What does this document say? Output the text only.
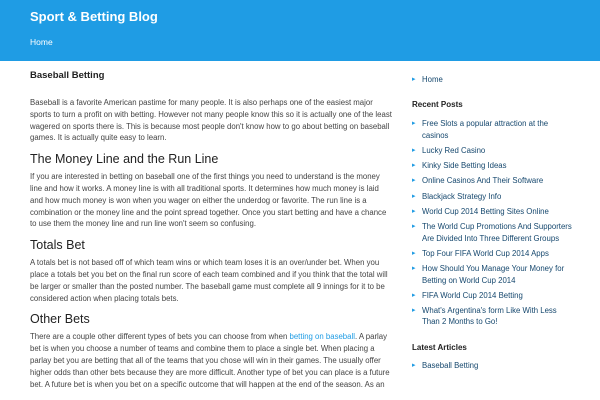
Sport & Betting Blog
Home
Baseball Betting

Baseball is a favorite American pastime for many people. It is also perhaps one of the easiest major sports to turn a profit on with betting. However not many people know this so it is actually one of the least wagered on sports there is. This is because most people don't know how to go about betting on baseball games. It is actually quite easy to learn.

The Money Line and the Run Line

If you are interested in betting on baseball one of the first things you need to understand is the money line and how it works. A money line is with all traditional sports. It determines how much money is laid and how much money is won when you wager on either the underdog or favorite. The run line is a combination or the money line and the point spread together. Once you start betting and have a chance to use them the money line and run line won't seem so confusing.

Totals Bet

A totals bet is not based off of which team wins or which team loses it is an over/under bet. When you place a totals bet you bet on the final run score of each team combined and if you think that the total will be larger or smaller than the posted number. The baseball game must complete all 9 innings for it to be considered action when placing totals bets.

Other Bets

There are a couple other different types of bets you can choose from when betting on baseball. A parlay bet is when you choose a number of teams and combine them to place a single bet. When placing a parlay bet you are betting that all of the teams that you chose will win in their games. The usually offer higher odds than other bets because they are more difficult. Another type of bet you can place is a future bet. A future bet is when you bet on a specific outcome that will happen at the end of the season. As an

▸ Home
Recent Posts
▸ Free Slots a popular attraction at the casinos
▸ Lucky Red Casino
▸ Kinky Side Betting Ideas
▸ Online Casinos And Their Software
▸ Blackjack Strategy Info
▸ World Cup 2014 Betting Sites Online
▸ The World Cup Promotions And Supporters Are Divided Into Three Different Groups
▸ Top Four FIFA World Cup 2014 Apps
▸ How Should You Manage Your Money for Betting on World Cup 2014
▸ FIFA World Cup 2014 Betting
▸ What's Argentina's form Like With Less Than 2 Months to Go!
Latest Articles
▸ Baseball Betting
